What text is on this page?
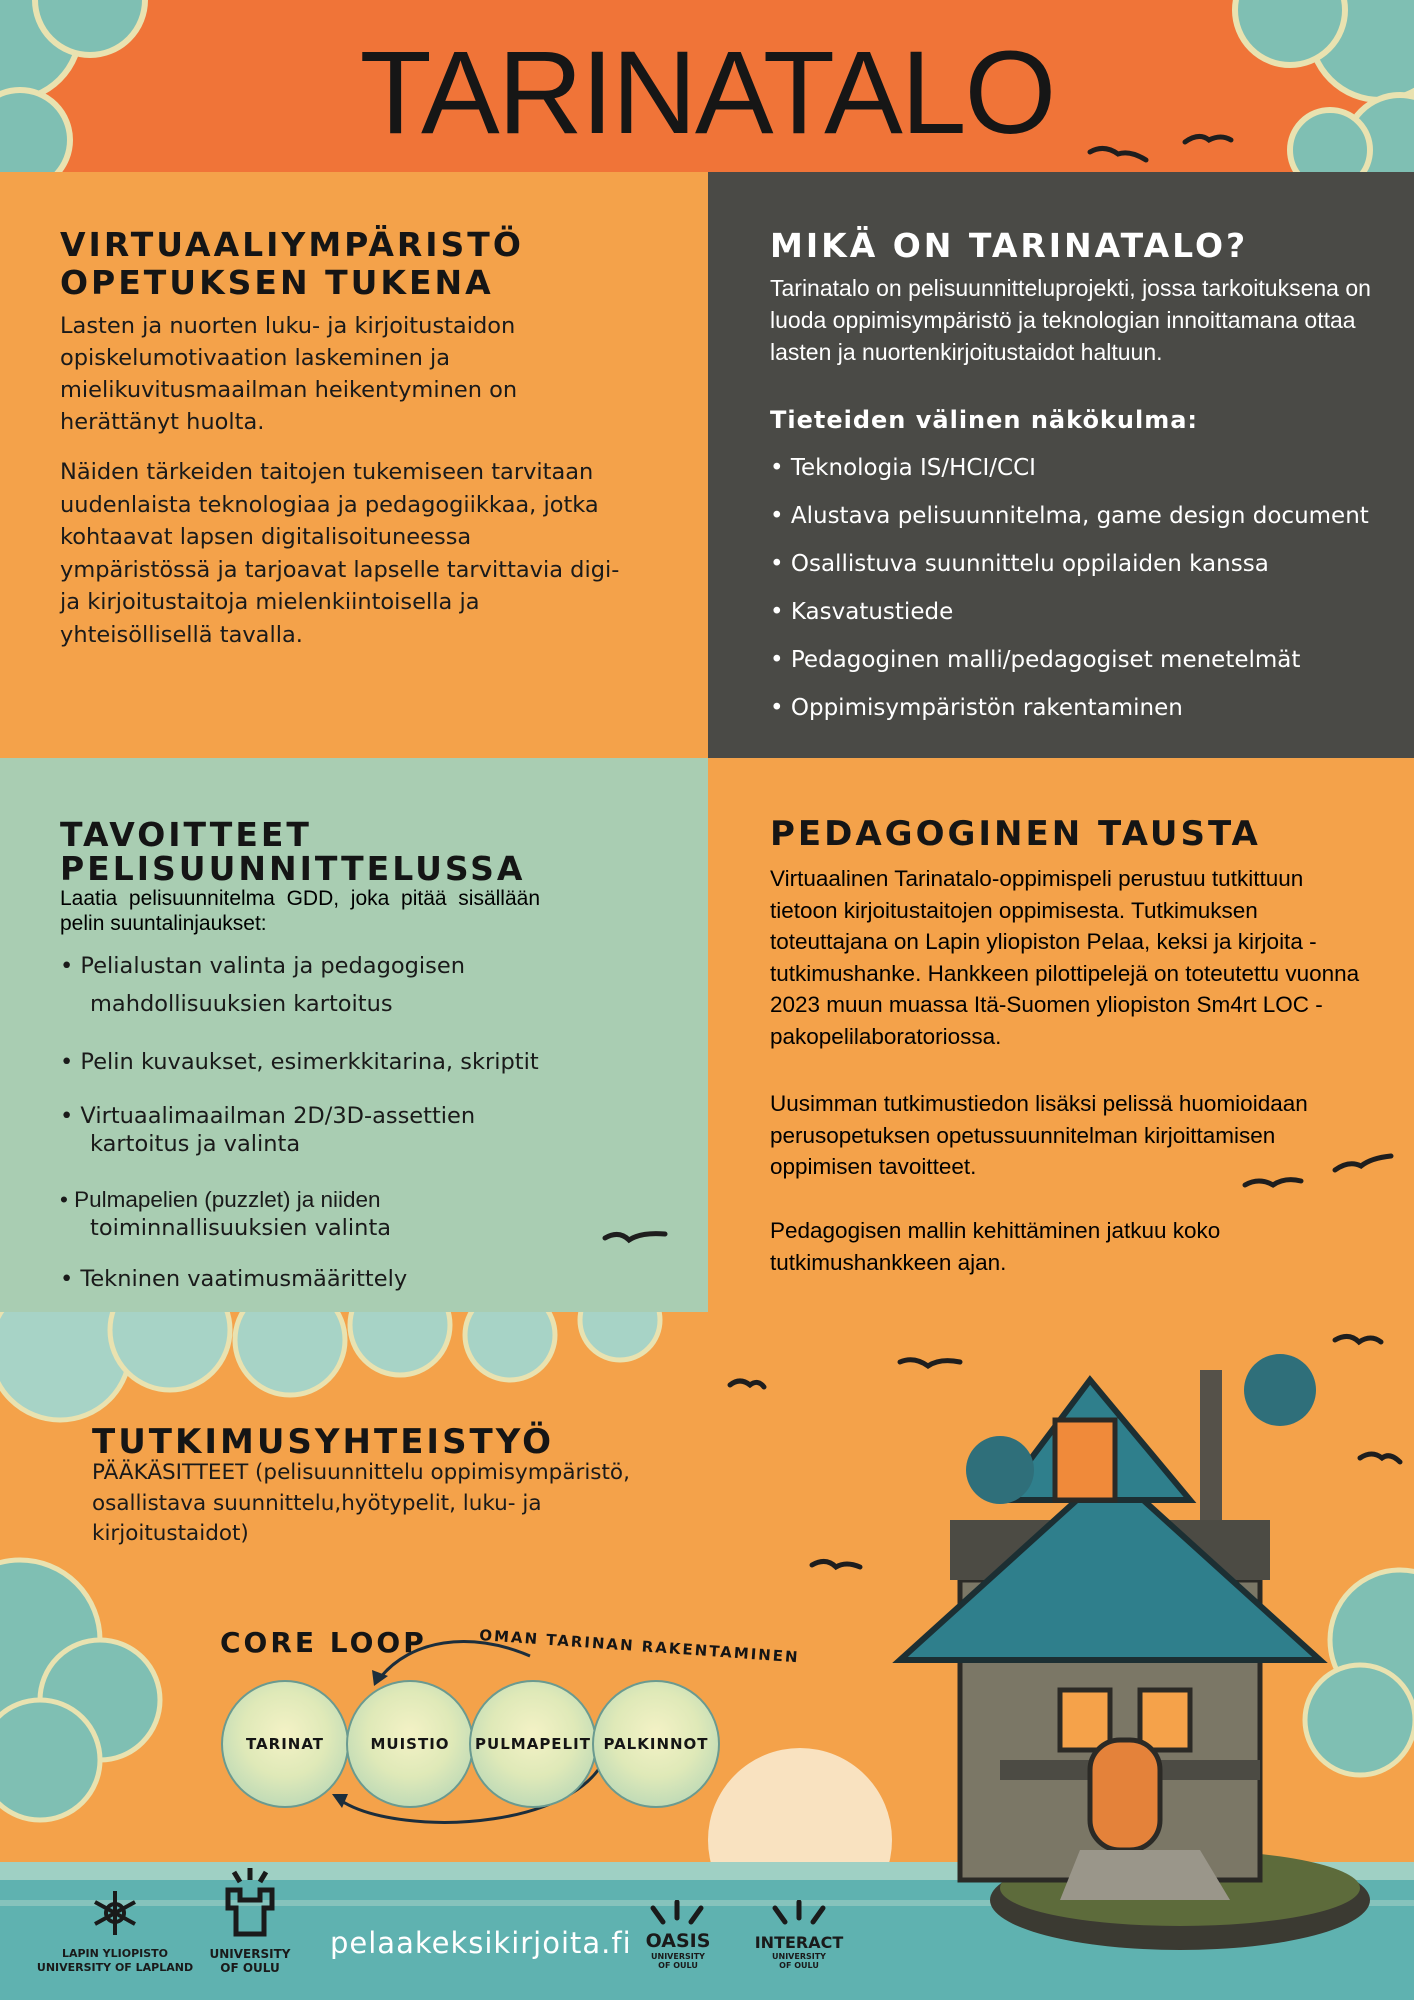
TARINATALO
VIRTUAALIYMPÄRISTÖ
OPETUKSEN TUKENA
Lasten ja nuorten luku- ja kirjoitustaidon opiskelumotivaation laskeminen ja mielikuvitusmaailman heikentyminen on herättänyt huolta.
Näiden tärkeiden taitojen tukemiseen tarvitaan uudenlaista teknologiaa ja pedagogiikkaa, jotka kohtaavat lapsen digitalisoituneessa ympäristössä ja tarjoavat lapselle tarvittavia digi- ja kirjoitustaitoja mielenkiintoisella ja yhteisöllisellä tavalla.
MIKÄ ON TARINATALO?
Tarinatalo on pelisuunnitteluprojekti, jossa tarkoituksena on luoda oppimisympäristö ja teknologian innoittamana ottaa lasten ja nuortenkirjoitustaidot haltuun.
Tieteiden välinen näkökulma:
• Teknologia IS/HCI/CCI
• Alustava pelisuunnitelma, game design document
• Osallistuva suunnittelu oppilaiden kanssa
• Kasvatustiede
• Pedagoginen malli/pedagogiset menetelmät
• Oppimisympäristön rakentaminen
TAVOITTEET
PELISUUNNITTELUSSA
Laatia pelisuunnitelma GDD, joka pitää sisällään pelin suuntalinjaukset:
• Pelialustan valinta ja pedagogisen
mahdollisuuksien kartoitus
• Pelin kuvaukset, esimerkkitarina, skriptit
• Virtuaalimaailman 2D/3D-assettien
kartoitus ja valinta
• Pulmapelien (puzzlet) ja niiden
toiminnallisuuksien valinta
• Tekninen vaatimusmäärittely
PEDAGOGINEN TAUSTA
Virtuaalinen Tarinatalo-oppimispeli perustuu tutkittuun tietoon kirjoitustaitojen oppimisesta. Tutkimuksen toteuttajana on Lapin yliopiston Pelaa, keksi ja kirjoita -tutkimushanke. Hankkeen pilottipelejä on toteutettu vuonna 2023 muun muassa Itä-Suomen yliopiston Sm4rt LOC -pakopelilaboratoriossa.
Uusimman tutkimustiedon lisäksi pelissä huomioidaan perusopetuksen opetussuunnitelman kirjoittamisen oppimisen tavoitteet.
Pedagogisen mallin kehittäminen jatkuu koko tutkimushankkeen ajan.
TUTKIMUSYHTEISTYÖ
PÄÄKÄSITTEET (pelisuunnittelu oppimisympäristö, osallistava suunnittelu,hyötypelit, luku- ja kirjoitustaidot)
CORE LOOP	OMAN TARINAN RAKENTAMINEN
TARINAT	MUISTIO	PULMAPELIT PALKINNOT
LAPIN YLIOPISTO
UNIVERSITY OF LAPLAND
UNIVERSITY
OF OULU
pelaakeksikirjoita.fi OASIS
UNIVERSITY
OF OULU
INTERACT
UNIVERSITY
OF OULU
